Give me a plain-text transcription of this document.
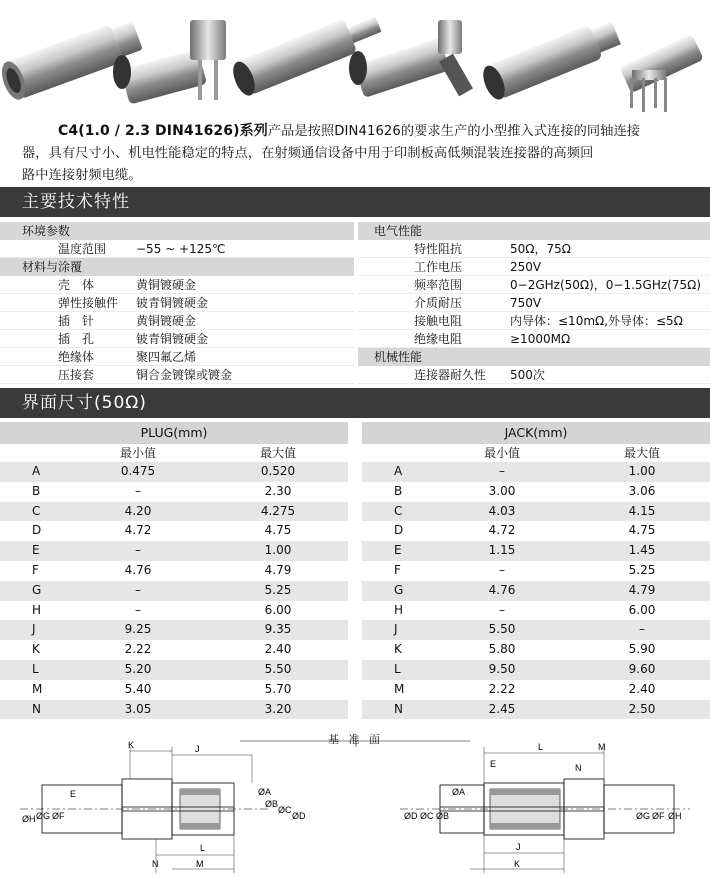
C4(1.0 / 2.3 DIN41626)系列产品是按照DIN41626的要求生产的小型推入式连接的同轴连接
器，具有尺寸小、机电性能稳定的特点，在射频通信设备中用于印制板高低频混装连接器的高频回
路中连接射频电缆。
主要技术特性
环境参数
温度范围 −55 ~ +125℃
材料与涂覆
壳　体	黄铜镀硬金
弹性接触件 铍青铜镀硬金
插　针	黄铜镀硬金
插　孔	铍青铜镀硬金
绝缘体	聚四氟乙烯
压接套	铜合金镀镍或镀金
电气性能
特性阻抗	50Ω，75Ω
工作电压	250V
频率范围	0−2GHz(50Ω)，0−1.5GHz(75Ω)
介质耐压	750V
接触电阻	内导体：≤10mΩ,外导体：≤5Ω
绝缘电阻	≥1000MΩ
机械性能
连接器耐久性 500次
界面尺寸(50Ω)
PLUG(mm)
最小值	最大值
A	0.475	0.520
B	–	2.30
C	4.20	4.275
D	4.72	4.75
E	–	1.00
F	4.76	4.79
G	–	5.25
H	–	6.00
J	9.25	9.35
K	2.22	2.40
L	5.20	5.50
M	5.40	5.70
N	3.05	3.20
JACK(mm)
最小值	最大值
A	–	1.00
B	3.00	3.06
C	4.03	4.15
D	4.72	4.75
E	1.15	1.45
F	–	5.25
G	4.76	4.79
H	–	6.00
J	5.50	–
K	5.80	5.90
L	9.50	9.60
M	2.22	2.40
N	2.45	2.50
基 准 面
K	J
E	ØA
ØB
ØC
ØD
ØH ØG ØF
L
N	M
L	M
E	N
ØA
ØB
ØC
ØD	ØG ØF ØH
J
K
